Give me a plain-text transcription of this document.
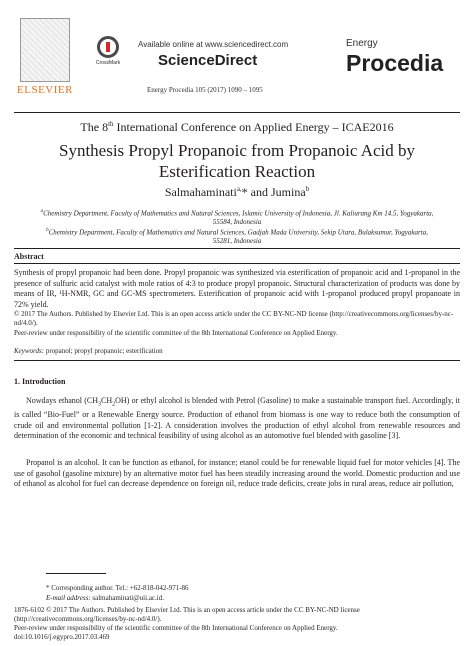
ELSEVIER
CrossMark
Available online at www.sciencedirect.com
ScienceDirect
Energy Procedia 105 (2017) 1090 – 1095
Energy
Procedia
The 8th International Conference on Applied Energy – ICAE2016
Synthesis Propyl Propanoic from Propanoic Acid by Esterification Reaction
Salmahaminati$^{a,}$* and Jumina$^b$
$^a$Chemistry Department, Faculty of Mathematics and Natural Sciences, Islamic University of Indonesia, Jl. Kaliurang Km 14.5, Yogyakarta, 55584, Indonesia
$^b$Chemistry Department, Faculty of Mathematics and Natural Sciences, Gadjah Mada University, Sekip Utara, Bulaksumur, Yogyakarta, 55281, Indonesia
Abstract
Synthesis of propyl propanoic had been done. Propyl propanoic was synthesized via esterification of propanoic acid and 1-propanol in the presence of sulfuric acid catalyst with mole ratios of 4:3 to produce propyl propanoic. Structural characterization of products was done by means of IR, ¹H-NMR, GC and GC-MS spectrometers. Esterification of propanoic acid with 1-propanol produced propyl propanoate in 72% yield.
© 2017 The Authors. Published by Elsevier Ltd. This is an open access article under the CC BY-NC-ND license (http://creativecommons.org/licenses/by-nc-nd/4.0/).
Peer-review under responsibility of the scientific committee of the 8th International Conference on Applied Energy.
Keywords: propanol; propyl propanoic; esterification
1. Introduction
Nowdays ethanol $(CH_3CH_2OH)$ or ethyl alcohol is blended with Petrol (Gasoline) to make a sustainable transport fuel. Accordingly, it is called “Bio-Fuel” or a Renewable Energy source. Production of ethanol from biomass is one way to reduce both the consumption of crude oil and environmental pollution [1-2]. A consideration involves the production of ethyl alcohol from renewable resources and determination of the economic and technical feasibility of using alcohol as an automotive fuel blended with gasoline [3].
Propanol is an alcohol. It can be function as ethanol, for instance; etanol could be for renewable liquid fuel for motor vehicles [4]. The use of gasohol (gasoline mixture) by an alternative motor fuel has been steadily increasing around the world. Domestic production and use of ethanol as alcohol for fuel can decrease dependence on foreign oil, reduce trade deficits, create jobs in rural areas, reduce air pollution,
* Corresponding author. Tel.: +62-818-042-971-86
E-mail address: salmahaminati@uii.ac.id.
1876-6102 © 2017 The Authors. Published by Elsevier Ltd. This is an open access article under the CC BY-NC-ND license
(http://creativecommons.org/licenses/by-nc-nd/4.0/).
Peer-review under responsibility of the scientific committee of the 8th International Conference on Applied Energy.
doi:10.1016/j.egypro.2017.03.469
